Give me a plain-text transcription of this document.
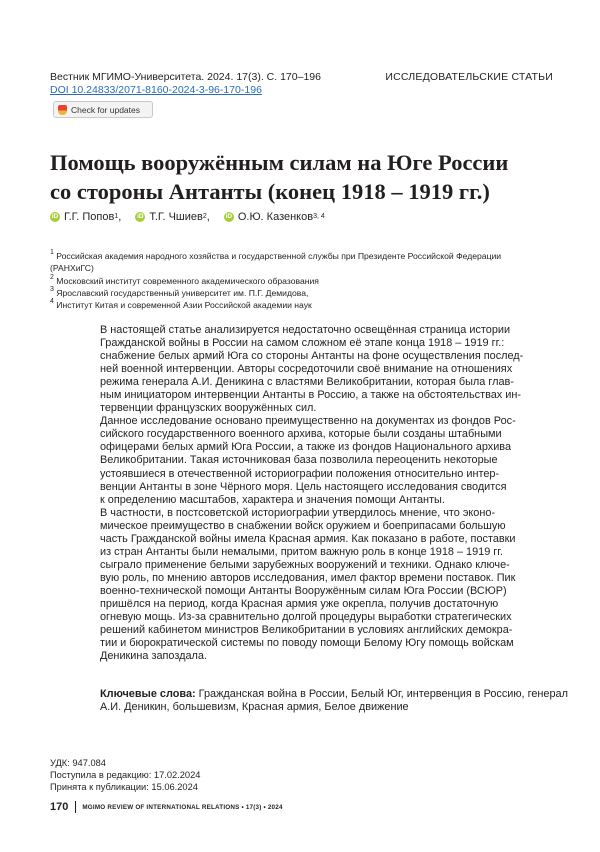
Вестник МГИМО-Университета. 2024. 17(3). С. 170–196
DOI 10.24833/2071-8160-2024-3-96-170-196
ИССЛЕДОВАТЕЛЬСКИЕ СТАТЬИ
Check for updates
Помощь вооружённым силам на Юге России
со стороны Антанты (конец 1918 – 1919 гг.)
iD Г.Г. Попов 1 , iD Т.Г. Чшиев 2 , iD О.Ю. Казенков 3, 4
$^1$ Российская академия народного хозяйства и государственной службы при Президенте Российской Федерации
(РАНХиГС)
$^2$ Московский институт современного академического образования
$^3$ Ярославский государственный университет им. П.Г. Демидова,
$^4$ Институт Китая и современной Азии Российской академии наук
В настоящей статье анализируется недостаточно освещённая страница истории
Гражданской войны в России на самом сложном её этапе конца 1918 – 1919 гг.:
снабжение белых армий Юга со стороны Антанты на фоне осуществления послед-
ней военной интервенции. Авторы сосредоточили своё внимание на отношениях
режима генерала А.И. Деникина с властями Великобритании, которая была глав-
ным инициатором интервенции Антанты в Россию, а также на обстоятельствах ин-
тервенции французских вооружённых сил.
Данное исследование основано преимущественно на документах из фондов Рос-
сийского государственного военного архива, которые были созданы штабными
офицерами белых армий Юга России, а также из фондов Национального архива
Великобритании. Такая источниковая база позволила переоценить некоторые
устоявшиеся в отечественной историографии положения относительно интер-
венции Антанты в зоне Чёрного моря. Цель настоящего исследования сводится
к определению масштабов, характера и значения помощи Антанты.
В частности, в постсоветской историографии утвердилось мнение, что эконо-
мическое преимущество в снабжении войск оружием и боеприпасами большую
часть Гражданской войны имела Красная армия. Как показано в работе, поставки
из стран Антанты были немалыми, притом важную роль в конце 1918 – 1919 гг.
сыграло применение белыми зарубежных вооружений и техники. Однако ключе-
вую роль, по мнению авторов исследования, имел фактор времени поставок. Пик
военно-технической помощи Антанты Вооружённым силам Юга России (ВСЮР)
пришёлся на период, когда Красная армия уже окрепла, получив достаточную
огневую мощь. Из-за сравнительно долгой процедуры выработки стратегических
решений кабинетом министров Великобритании в условиях английских демокра-
тии и бюрократической системы по поводу помощи Белому Югу помощь войскам
Деникина запоздала.
Ключевые слова: Гражданская война в России, Белый Юг, интервенция в Россию, генерал
А.И. Деникин, большевизм, Красная армия, Белое движение
УДК: 947.084
Поступила в редакцию: 17.02.2024
Принята к публикации: 15.06.2024
170 MGIMO REVIEW OF INTERNATIONAL RELATIONS • 17(3) • 2024
